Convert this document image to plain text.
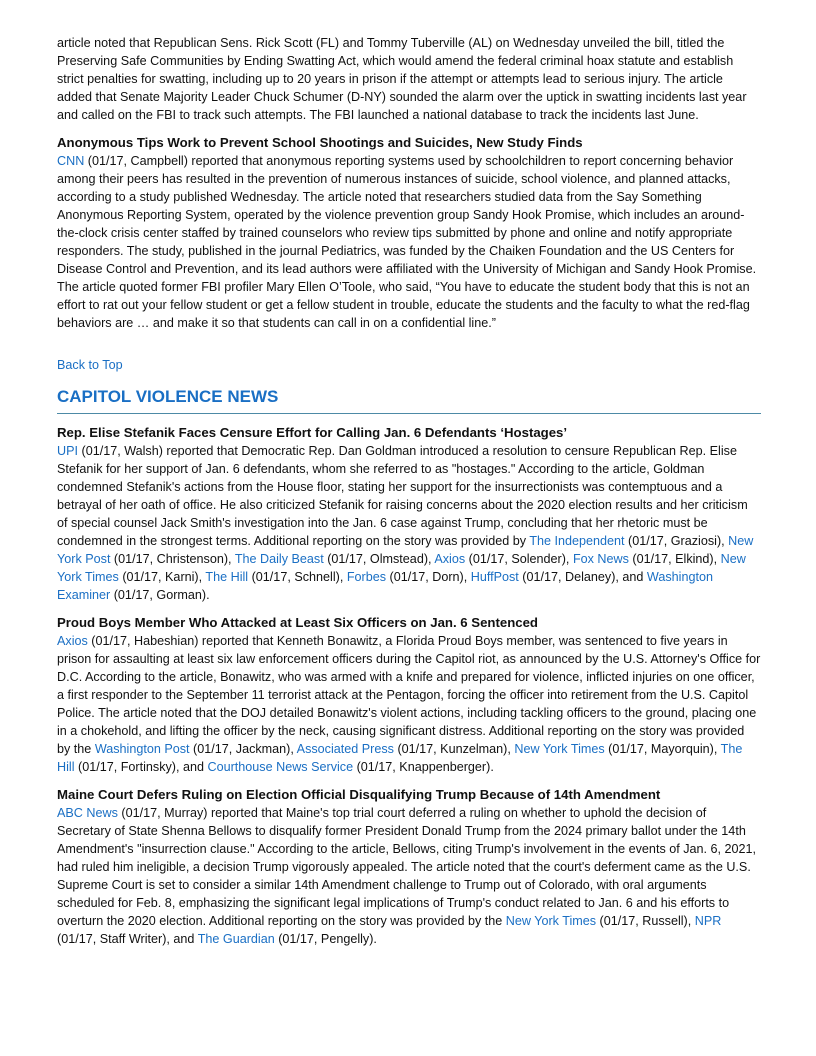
article noted that Republican Sens. Rick Scott (FL) and Tommy Tuberville (AL) on Wednesday unveiled the bill, titled the Preserving Safe Communities by Ending Swatting Act, which would amend the federal criminal hoax statute and establish strict penalties for swatting, including up to 20 years in prison if the attempt or attempts lead to serious injury. The article added that Senate Majority Leader Chuck Schumer (D-NY) sounded the alarm over the uptick in swatting incidents last year and called on the FBI to track such attempts. The FBI launched a national database to track the incidents last June.

Anonymous Tips Work to Prevent School Shootings and Suicides, New Study Finds

CNN (01/17, Campbell) reported that anonymous reporting systems used by schoolchildren to report concerning behavior among their peers has resulted in the prevention of numerous instances of suicide, school violence, and planned attacks, according to a study published Wednesday. The article noted that researchers studied data from the Say Something Anonymous Reporting System, operated by the violence prevention group Sandy Hook Promise, which includes an around-the-clock crisis center staffed by trained counselors who review tips submitted by phone and online and notify appropriate responders. The study, published in the journal Pediatrics, was funded by the Chaiken Foundation and the US Centers for Disease Control and Prevention, and its lead authors were affiliated with the University of Michigan and Sandy Hook Promise. The article quoted former FBI profiler Mary Ellen O’Toole, who said, “You have to educate the student body that this is not an effort to rat out your fellow student or get a fellow student in trouble, educate the students and the faculty to what the red-flag behaviors are … and make it so that students can call in on a confidential line.”

Back to Top
CAPITOL VIOLENCE NEWS
Rep. Elise Stefanik Faces Censure Effort for Calling Jan. 6 Defendants ‘Hostages’

UPI (01/17, Walsh) reported that Democratic Rep. Dan Goldman introduced a resolution to censure Republican Rep. Elise Stefanik for her support of Jan. 6 defendants, whom she referred to as "hostages." According to the article, Goldman condemned Stefanik's actions from the House floor, stating her support for the insurrectionists was contemptuous and a betrayal of her oath of office. He also criticized Stefanik for raising concerns about the 2020 election results and her criticism of special counsel Jack Smith's investigation into the Jan. 6 case against Trump, concluding that her rhetoric must be condemned in the strongest terms. Additional reporting on the story was provided by The Independent (01/17, Graziosi), New York Post (01/17, Christenson), The Daily Beast (01/17, Olmstead), Axios (01/17, Solender), Fox News (01/17, Elkind), New York Times (01/17, Karni), The Hill (01/17, Schnell), Forbes (01/17, Dorn), HuffPost (01/17, Delaney), and Washington Examiner (01/17, Gorman).

Proud Boys Member Who Attacked at Least Six Officers on Jan. 6 Sentenced

Axios (01/17, Habeshian) reported that Kenneth Bonawitz, a Florida Proud Boys member, was sentenced to five years in prison for assaulting at least six law enforcement officers during the Capitol riot, as announced by the U.S. Attorney's Office for D.C. According to the article, Bonawitz, who was armed with a knife and prepared for violence, inflicted injuries on one officer, a first responder to the September 11 terrorist attack at the Pentagon, forcing the officer into retirement from the U.S. Capitol Police. The article noted that the DOJ detailed Bonawitz's violent actions, including tackling officers to the ground, placing one in a chokehold, and lifting the officer by the neck, causing significant distress. Additional reporting on the story was provided by the Washington Post (01/17, Jackman), Associated Press (01/17, Kunzelman), New York Times (01/17, Mayorquin), The Hill (01/17, Fortinsky), and Courthouse News Service (01/17, Knappenberger).

Maine Court Defers Ruling on Election Official Disqualifying Trump Because of 14th Amendment

ABC News (01/17, Murray) reported that Maine's top trial court deferred a ruling on whether to uphold the decision of Secretary of State Shenna Bellows to disqualify former President Donald Trump from the 2024 primary ballot under the 14th Amendment's "insurrection clause." According to the article, Bellows, citing Trump's involvement in the events of Jan. 6, 2021, had ruled him ineligible, a decision Trump vigorously appealed. The article noted that the court's deferment came as the U.S. Supreme Court is set to consider a similar 14th Amendment challenge to Trump out of Colorado, with oral arguments scheduled for Feb. 8, emphasizing the significant legal implications of Trump's conduct related to Jan. 6 and his efforts to overturn the 2020 election. Additional reporting on the story was provided by the New York Times (01/17, Russell), NPR (01/17, Staff Writer), and The Guardian (01/17, Pengelly).
